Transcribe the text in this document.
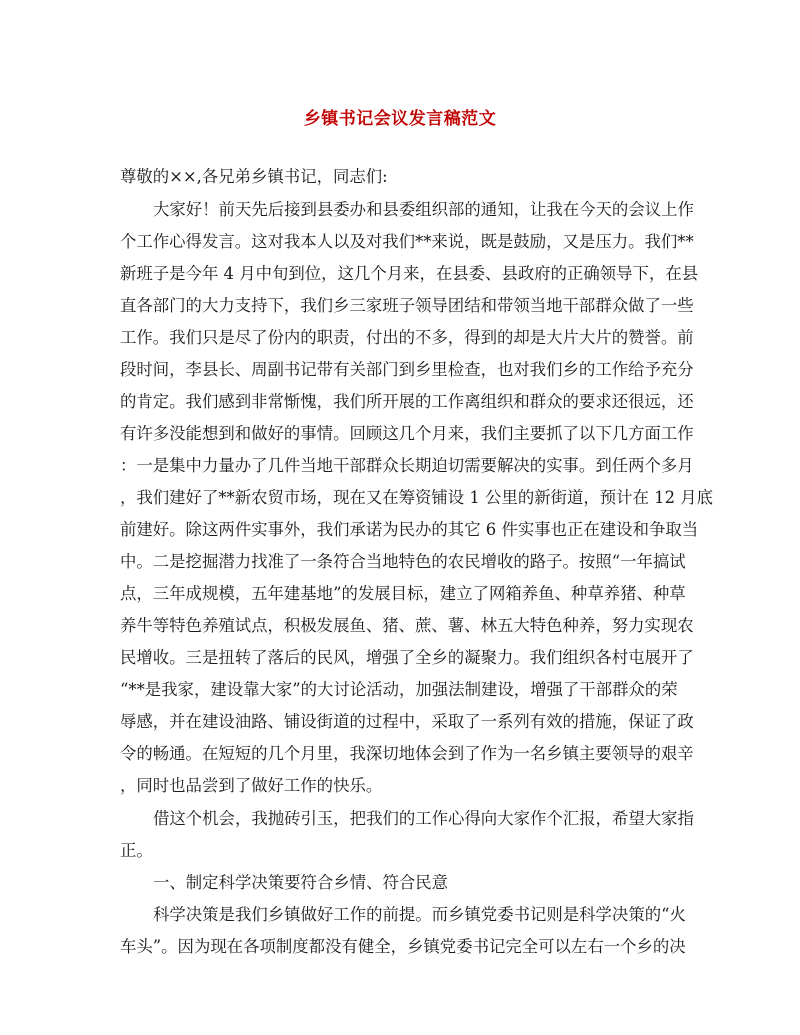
乡镇书记会议发言稿范文
尊敬的××,各兄弟乡镇书记，同志们:
大家好！前天先后接到县委办和县委组织部的通知，让我在今天的会议上作
个工作心得发言。这对我本人以及对我们**来说，既是鼓励，又是压力。我们**
新班子是今年 4 月中旬到位，这几个月来，在县委、县政府的正确领导下，在县
直各部门的大力支持下，我们乡三家班子领导团结和带领当地干部群众做了一些
工作。我们只是尽了份内的职责，付出的不多，得到的却是大片大片的赞誉。前
段时间，李县长、周副书记带有关部门到乡里检查，也对我们乡的工作给予充分
的肯定。我们感到非常惭愧，我们所开展的工作离组织和群众的要求还很远，还
有许多没能想到和做好的事情。回顾这几个月来，我们主要抓了以下几方面工作
：一是集中力量办了几件当地干部群众长期迫切需要解决的实事。到任两个多月
，我们建好了**新农贸市场，现在又在筹资铺设 1 公里的新街道，预计在 12 月底
前建好。除这两件实事外，我们承诺为民办的其它 6 件实事也正在建设和争取当
中。二是挖掘潜力找准了一条符合当地特色的农民增收的路子。按照“一年搞试
点，三年成规模，五年建基地”的发展目标，建立了网箱养鱼、种草养猪、种草
养牛等特色养殖试点，积极发展鱼、猪、蔗、薯、林五大特色种养，努力实现农
民增收。三是扭转了落后的民风，增强了全乡的凝聚力。我们组织各村屯展开了
“**是我家，建设靠大家”的大讨论活动，加强法制建设，增强了干部群众的荣
辱感，并在建设油路、铺设街道的过程中，采取了一系列有效的措施，保证了政
令的畅通。在短短的几个月里，我深切地体会到了作为一名乡镇主要领导的艰辛
，同时也品尝到了做好工作的快乐。
借这个机会，我抛砖引玉，把我们的工作心得向大家作个汇报，希望大家指
正。
一、制定科学决策要符合乡情、符合民意
科学决策是我们乡镇做好工作的前提。而乡镇党委书记则是科学决策的“火
车头”。因为现在各项制度都没有健全，乡镇党委书记完全可以左右一个乡的决
